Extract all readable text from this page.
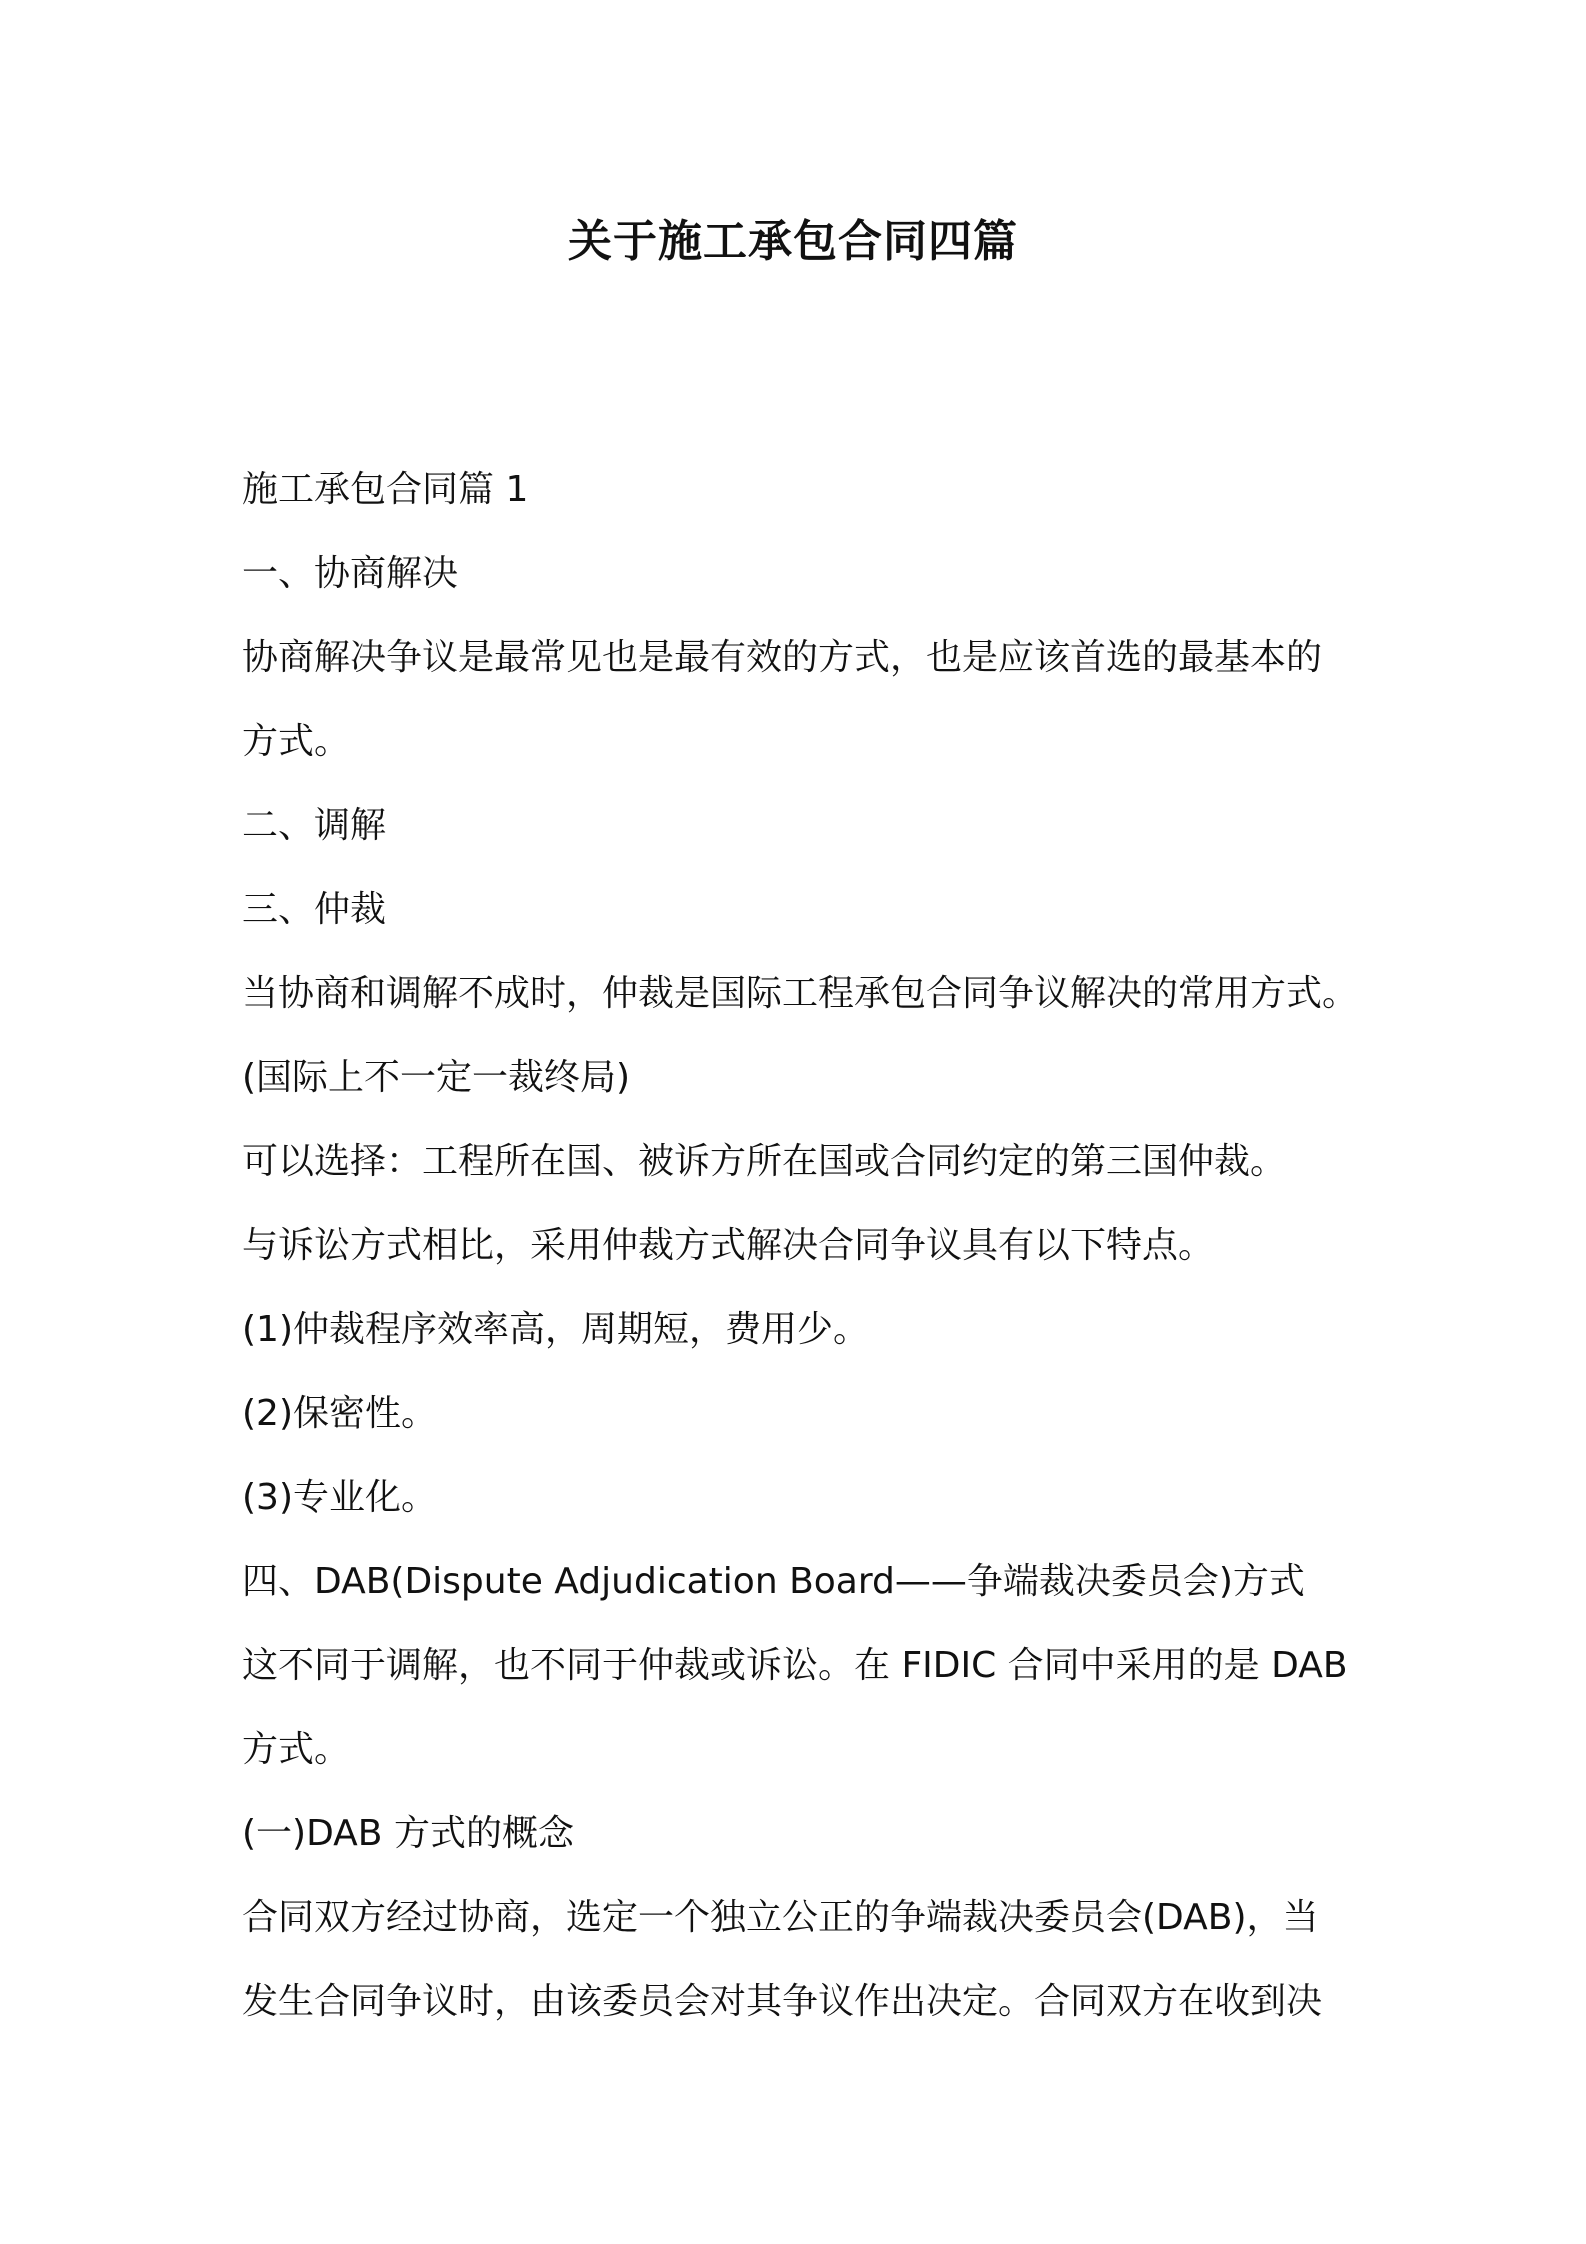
关于施工承包合同四篇

施工承包合同篇 1

一、协商解决

协商解决争议是最常见也是最有效的方式，也是应该首选的最基本的

方式。

二、调解

三、仲裁

当协商和调解不成时，仲裁是国际工程承包合同争议解决的常用方式。

(国际上不一定一裁终局)

可以选择：工程所在国、被诉方所在国或合同约定的第三国仲裁。

与诉讼方式相比，采用仲裁方式解决合同争议具有以下特点。

(1)仲裁程序效率高，周期短，费用少。

(2)保密性。

(3)专业化。

四、DAB(Dispute Adjudication Board——争端裁决委员会)方式

这不同于调解，也不同于仲裁或诉讼。在 FIDIC 合同中采用的是 DAB

方式。

(一)DAB 方式的概念

合同双方经过协商，选定一个独立公正的争端裁决委员会(DAB)，当

发生合同争议时，由该委员会对其争议作出决定。合同双方在收到决
